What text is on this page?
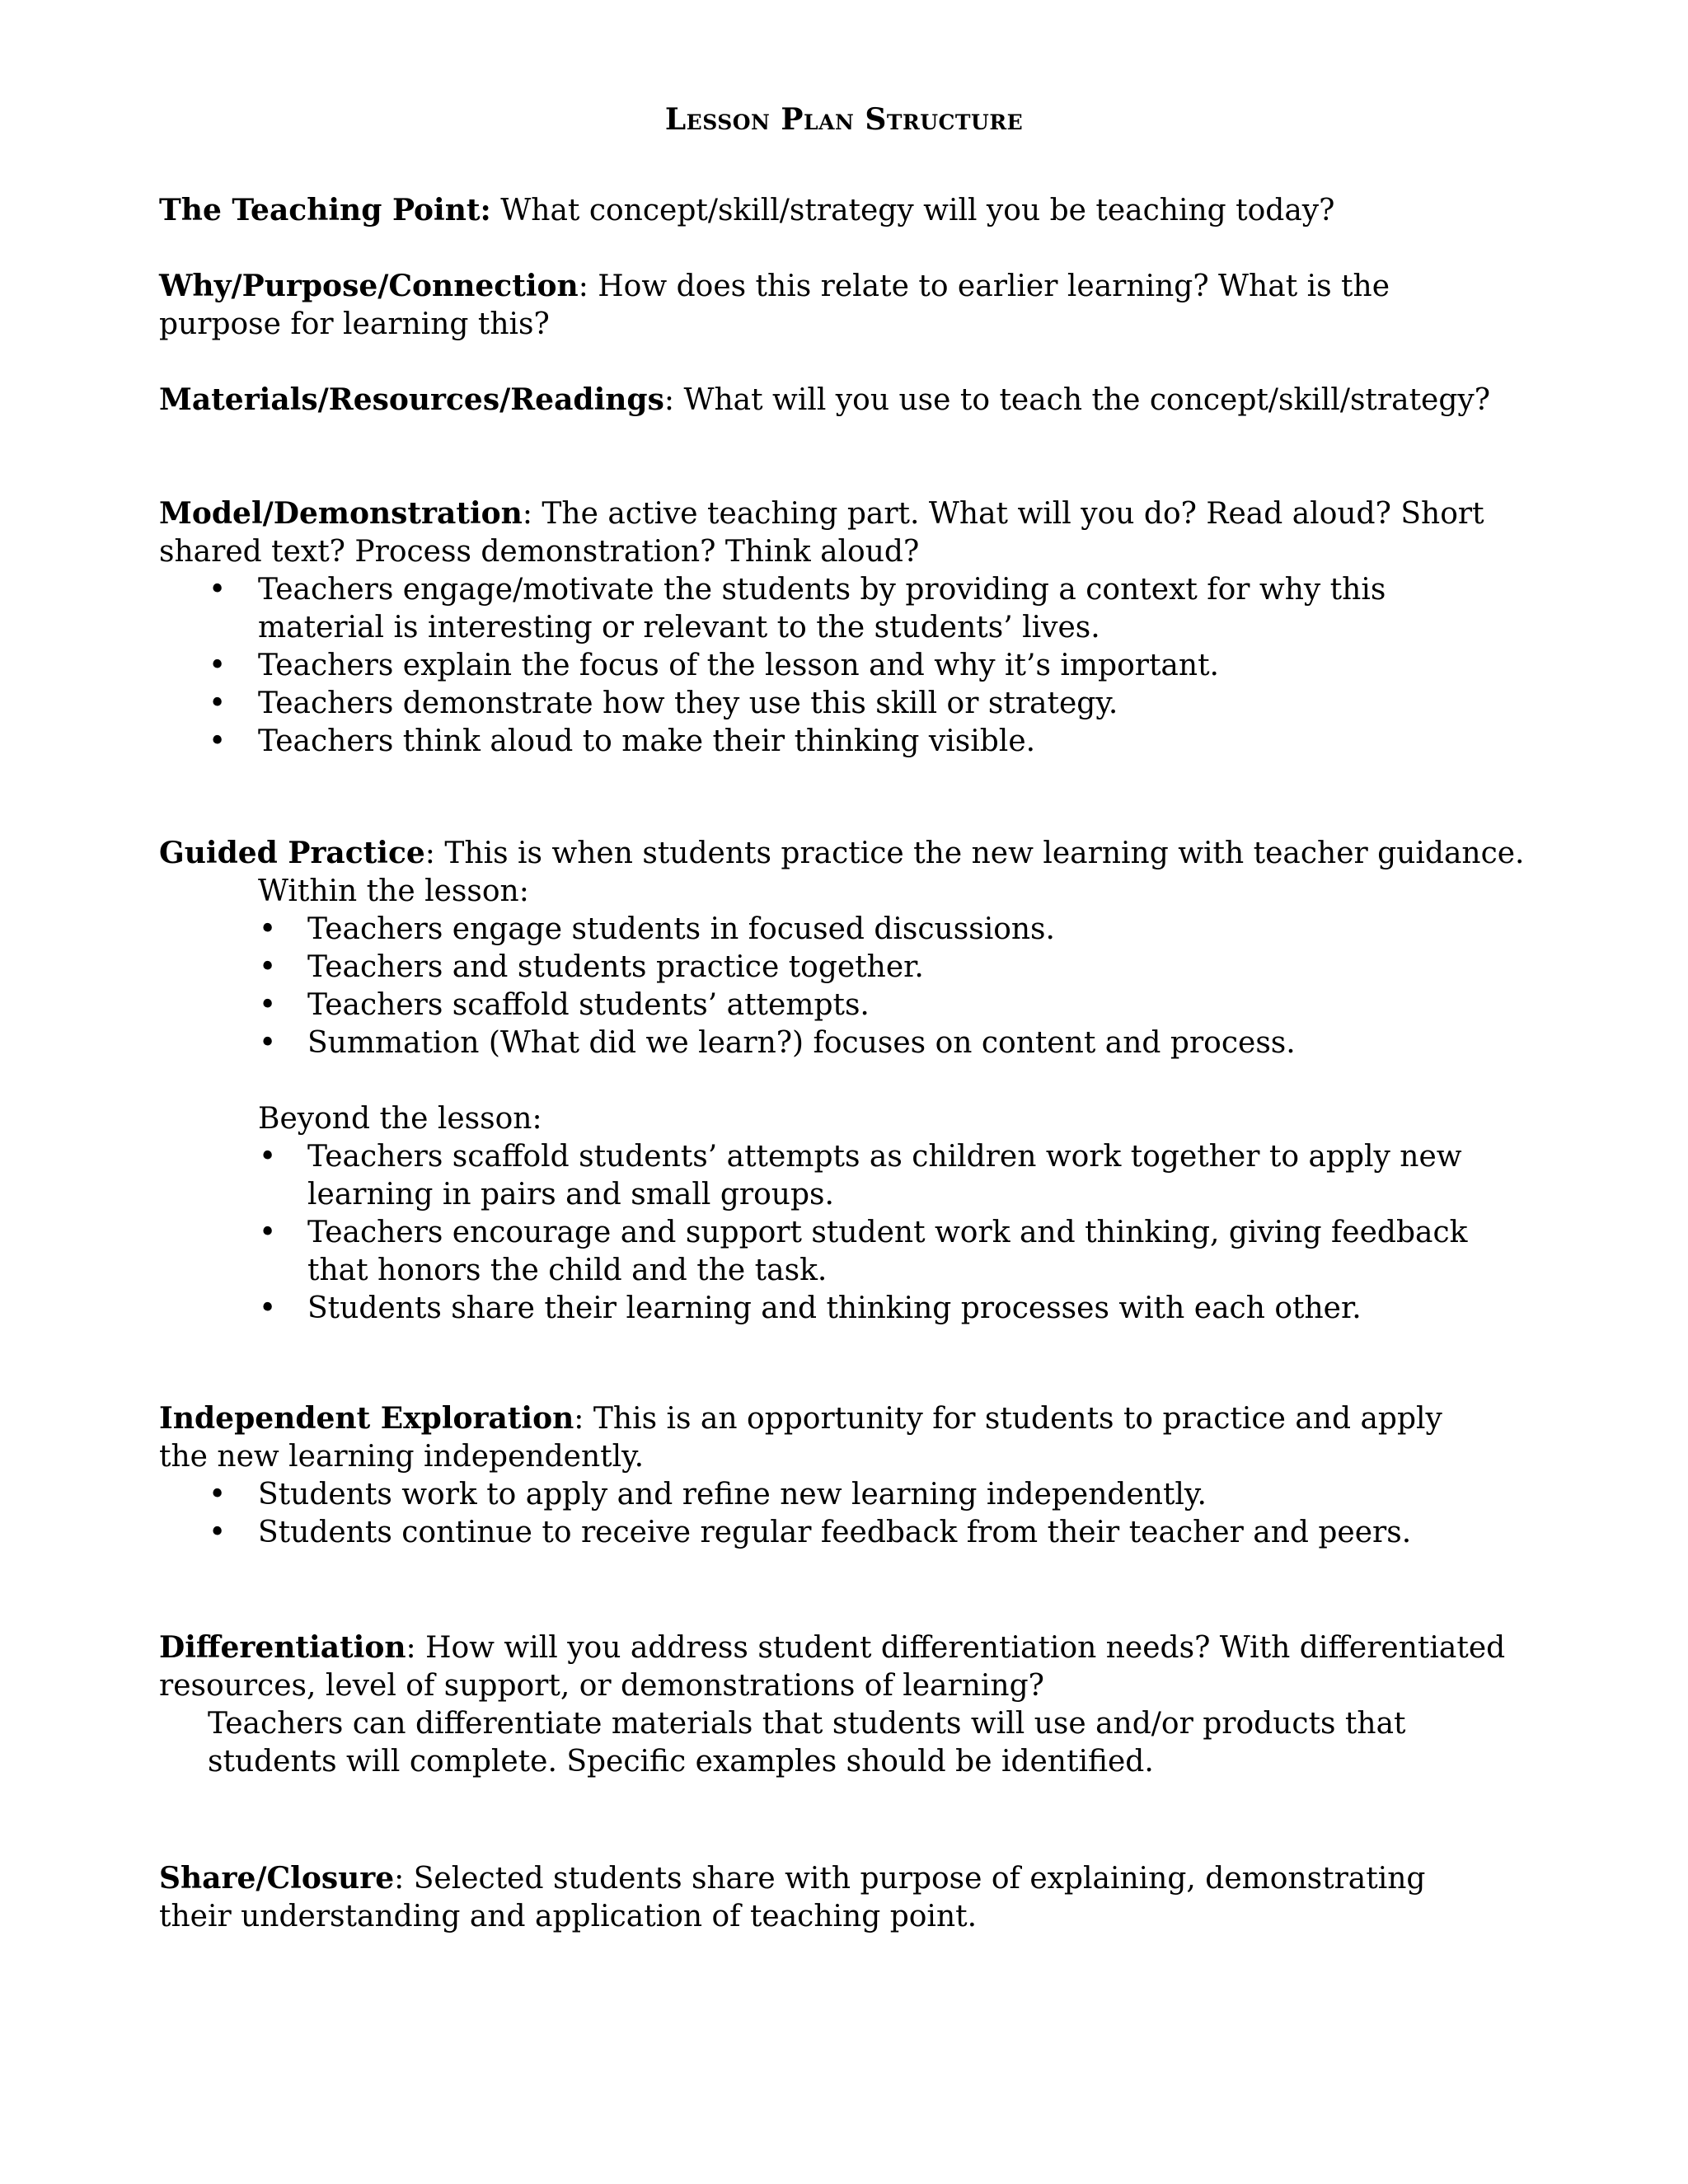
Lesson Plan Structure

The Teaching Point: What concept/skill/strategy will you be teaching today?

Why/Purpose/Connection: How does this relate to earlier learning? What is the purpose for learning this?

Materials/Resources/Readings: What will you use to teach the concept/skill/strategy?

Model/Demonstration: The active teaching part. What will you do? Read aloud? Short shared text? Process demonstration? Think aloud?

• Teachers engage/motivate the students by providing a context for why this material is interesting or relevant to the students’ lives.
• Teachers explain the focus of the lesson and why it’s important.
• Teachers demonstrate how they use this skill or strategy.
• Teachers think aloud to make their thinking visible.

Guided Practice: This is when students practice the new learning with teacher guidance.

Within the lesson:

• Teachers engage students in focused discussions.
• Teachers and students practice together.
• Teachers scaffold students’ attempts.
• Summation (What did we learn?) focuses on content and process.

Beyond the lesson:

• Teachers scaffold students’ attempts as children work together to apply new learning in pairs and small groups.
• Teachers encourage and support student work and thinking, giving feedback that honors the child and the task.
• Students share their learning and thinking processes with each other.

Independent Exploration: This is an opportunity for students to practice and apply the new learning independently.

• Students work to apply and refine new learning independently.
• Students continue to receive regular feedback from their teacher and peers.

Differentiation: How will you address student differentiation needs? With differentiated resources, level of support, or demonstrations of learning?

Teachers can differentiate materials that students will use and/or products that students will complete. Specific examples should be identified.

Share/Closure: Selected students share with purpose of explaining, demonstrating their understanding and application of teaching point.
